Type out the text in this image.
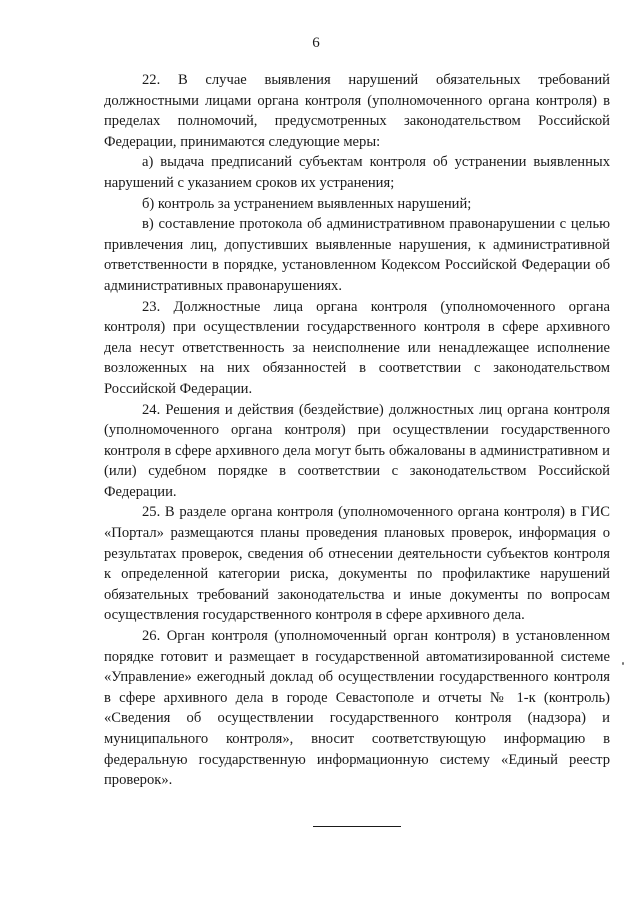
6

22. В случае выявления нарушений обязательных требований должностными лицами органа контроля (уполномоченного органа контроля) в пределах полномочий, предусмотренных законодательством Российской Федерации, принимаются следующие меры:

а) выдача предписаний субъектам контроля об устранении выявленных нарушений с указанием сроков их устранения;

б) контроль за устранением выявленных нарушений;

в) составление протокола об административном правонарушении с целью привлечения лиц, допустивших выявленные нарушения, к административной ответственности в порядке, установленном Кодексом Российской Федерации об административных правонарушениях.

23. Должностные лица органа контроля (уполномоченного органа контроля) при осуществлении государственного контроля в сфере архивного дела несут ответственность за неисполнение или ненадлежащее исполнение возложенных на них обязанностей в соответствии с законодательством Российской Федерации.

24. Решения и действия (бездействие) должностных лиц органа контроля (уполномоченного органа контроля) при осуществлении государственного контроля в сфере архивного дела могут быть обжалованы в административном и (или) судебном порядке в соответствии с законодательством Российской Федерации.

25. В разделе органа контроля (уполномоченного органа контроля) в ГИС «Портал» размещаются планы проведения плановых проверок, информация о результатах проверок, сведения об отнесении деятельности субъектов контроля к определенной категории риска, документы по профилактике нарушений обязательных требований законодательства и иные документы по вопросам осуществления государственного контроля в сфере архивного дела.

26. Орган контроля (уполномоченный орган контроля) в установленном порядке готовит и размещает в государственной автоматизированной системе «Управление» ежегодный доклад об осуществлении государственного контроля в сфере архивного дела в городе Севастополе и отчеты № 1-к (контроль) «Сведения об осуществлении государственного контроля (надзора) и муниципального контроля», вносит соответствующую информацию в федеральную государственную информационную систему «Единый реестр проверок».
